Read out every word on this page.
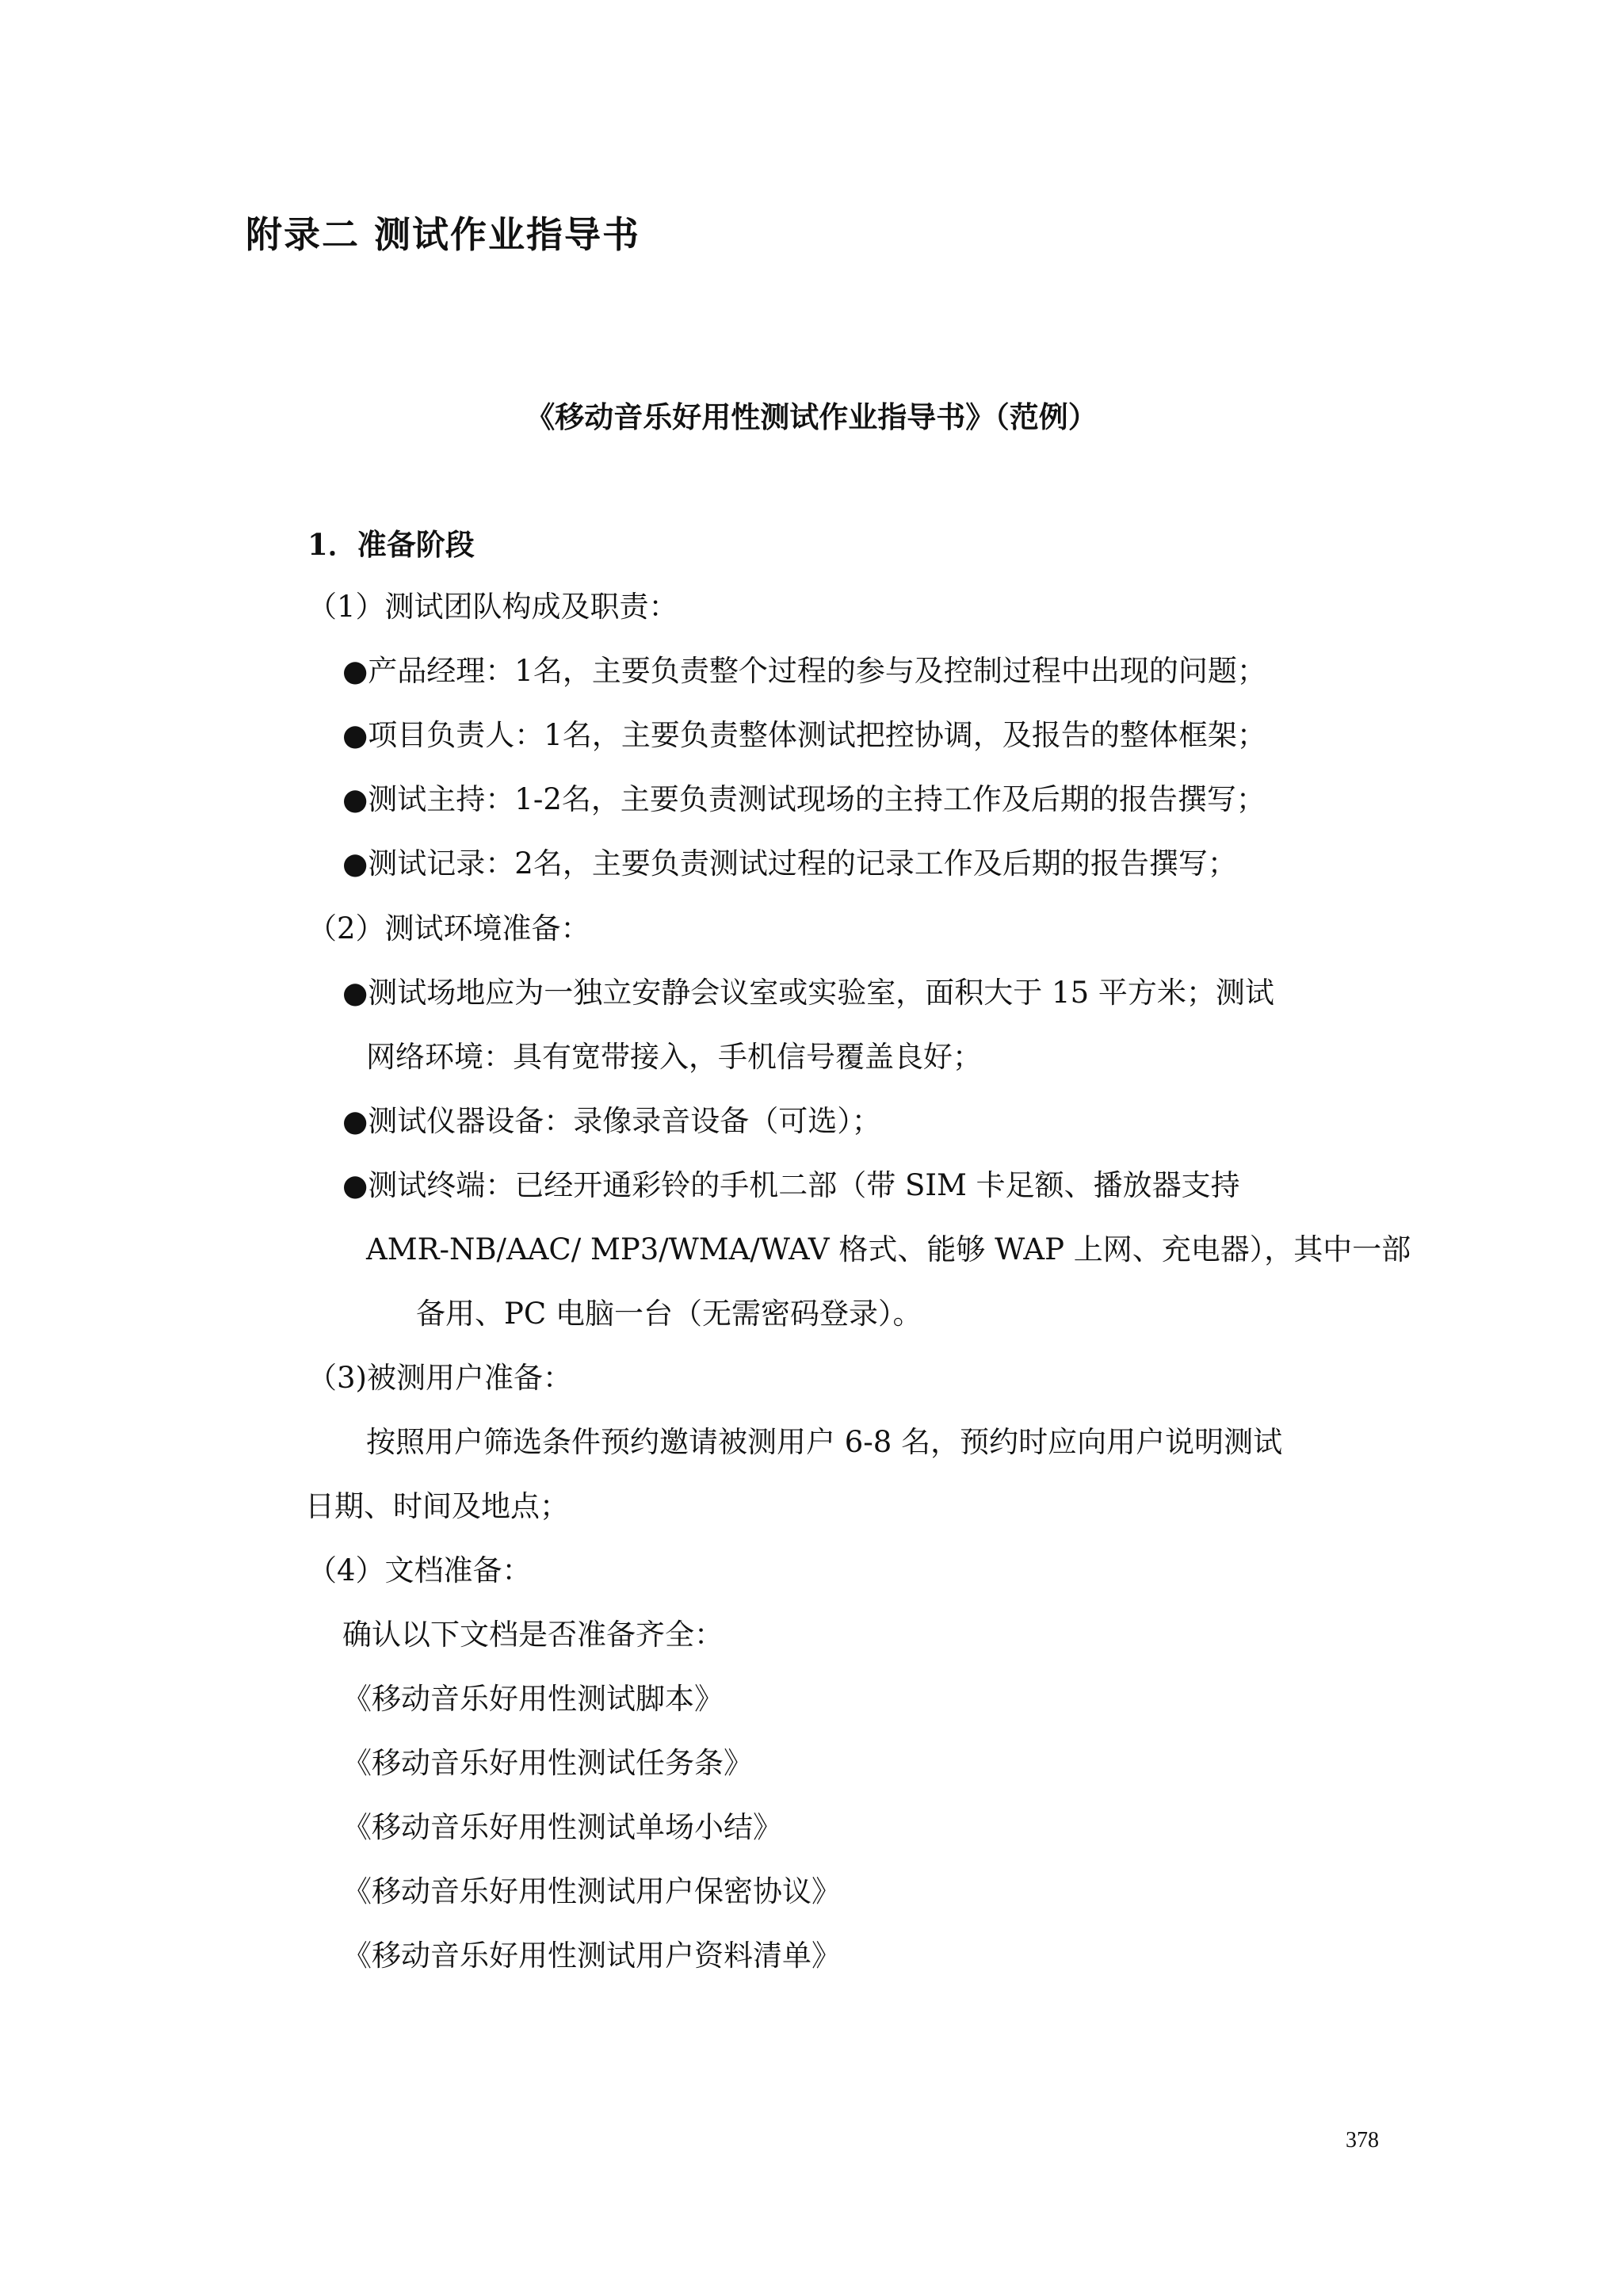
附录二 测试作业指导书
《移动音乐好用性测试作业指导书》（范例）
1．准备阶段
（1）测试团队构成及职责：
●产品经理：1名，主要负责整个过程的参与及控制过程中出现的问题；
●项目负责人：1名，主要负责整体测试把控协调，及报告的整体框架；
●测试主持：1-2名，主要负责测试现场的主持工作及后期的报告撰写；
●测试记录：2名，主要负责测试过程的记录工作及后期的报告撰写；
（2）测试环境准备：
●测试场地应为一独立安静会议室或实验室，面积大于 15 平方米；测试
网络环境：具有宽带接入，手机信号覆盖良好；
●测试仪器设备：录像录音设备（可选）；
●测试终端：已经开通彩铃的手机二部（带 SIM 卡足额、播放器支持
AMR-NB/AAC/ MP3/WMA/WAV 格式、能够 WAP 上网、充电器），其中一部
备用、PC 电脑一台（无需密码登录）。
（3)被测用户准备：
按照用户筛选条件预约邀请被测用户 6-8 名，预约时应向用户说明测试
日期、时间及地点；
（4）文档准备：
确认以下文档是否准备齐全：
《移动音乐好用性测试脚本》
《移动音乐好用性测试任务条》
《移动音乐好用性测试单场小结》
《移动音乐好用性测试用户保密协议》
《移动音乐好用性测试用户资料清单》
378
